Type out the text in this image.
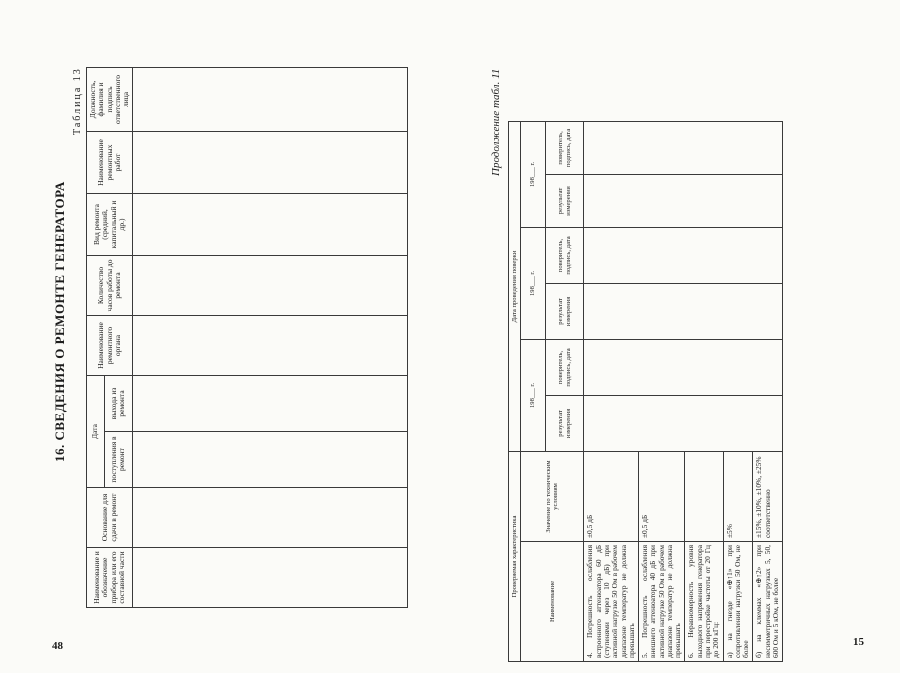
48
16. СВЕДЕНИЯ О РЕМОНТЕ ГЕНЕРАТОРА
Таблица 13
Наименование и обозначение прибора или его составной части	Основание для сдачи в ремонт	Дата		Наименование ремонтного органа	Количество часов работы до ремонта	Вид ремонта (средний, капитальный и др.)	Наименование ремонтных работ	Должность, фамилия и подпись ответственного лица
		поступления в ремонт	выхода из ремонта					

15
Продолжение табл. 11
Проверяемая характеристика		Дата проведения поверки					
Наименование	Значение по техническим условиям	198___ г.		198___ г.		198___ г.	
		результат измерения	поверитель, подпись, дата	результат измерения	поверитель, подпись, дата	результат измерения	поверитель, подпись, дата
4. Погрешность ослабления встроенного аттенюатора 60 дБ (ступенями через 10 дБ) при активной нагрузке 50 Ом в рабочем диапазоне температур не должна превышать	±0,5 дБ						
5. Погрешность ослабления внешнего аттенюатора 40 дБ при активной нагрузке 50 Ом в рабочем диапазоне температур не должна превышать	±0,5 дБ						
6. Неравномерность уровня выходного напряжения генератора при перестройке частоты от 20 Гц до 200 кГц:							
а) на гнезде «⊕↑1» при сопротивлении нагрузки 50 Ом, не более	±5%						
б) на клеммах «⊕↑2» при несимметричных нагрузках 5, 50, 600 Ом и 5 кОм, не более	±15%, ±10%, ±10%, ±25% соответственно						
